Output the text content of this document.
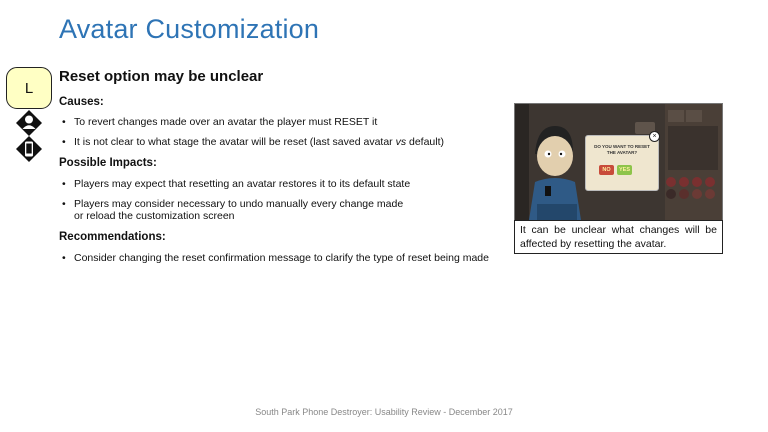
Avatar Customization
L
Reset option may be unclear
Causes:
• To revert changes made over an avatar the player must RESET it
• It is not clear to what stage the avatar will be reset (last saved avatar vs default)
Possible Impacts:
• Players may expect that resetting an avatar restores it to its default state
• Players may consider necessary to undo manually every change made
or reload the customization screen
Recommendations:
• Consider changing the reset confirmation message to clarify the type of reset being made
DO YOU WANT TO RESET THE AVATAR?
NO	YES
×
It can be unclear what changes will be affected by resetting the avatar.
South Park Phone Destroyer: Usability Review - December 2017
